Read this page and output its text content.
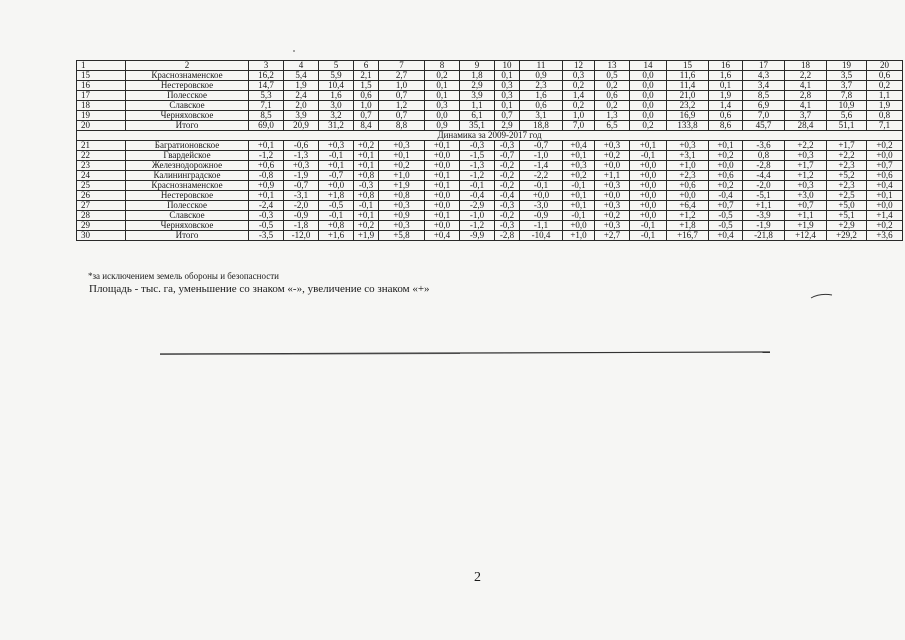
1	2	3	4	5	6	7	8	9	10	11	12	13	14	15	16	17	18	19	20
15	Краснознаменское	16,2	5,4	5,9	2,1	2,7	0,2	1,8	0,1	0,9	0,3	0,5	0,0	11,6	1,6	4,3	2,2	3,5	0,6
16	Нестеровское	14,7	1,9	10,4	1,5	1,0	0,1	2,9	0,3	2,3	0,2	0,2	0,0	11,4	0,1	3,4	4,1	3,7	0,2
17	Полесское	5,3	2,4	1,6	0,6	0,7	0,1	3,9	0,3	1,6	1,4	0,6	0,0	21,0	1,9	8,5	2,8	7,8	1,1
18	Славское	7,1	2,0	3,0	1,0	1,2	0,3	1,1	0,1	0,6	0,2	0,2	0,0	23,2	1,4	6,9	4,1	10,9	1,9
19	Черняховское	8,5	3,9	3,2	0,7	0,7	0,0	6,1	0,7	3,1	1,0	1,3	0,0	16,9	0,6	7,0	3,7	5,6	0,8
20	Итого	69,0	20,9	31,2	8,4	8,8	0,9	35,1	2,9	18,8	7,0	6,5	0,2	133,8	8,6	45,7	28,4	51,1	7,1
Динамика за 2009-2017 год																			
21	Багратионовское	+0,1	-0,6	+0,3	+0,2	+0,3	+0,1	-0,3	-0,3	-0,7	+0,4	+0,3	+0,1	+0,3	+0,1	-3,6	+2,2	+1,7	+0,2
22	Гвардейское	-1,2	-1,3	-0,1	+0,1	+0,1	+0,0	-1,5	-0,7	-1,0	+0,1	+0,2	-0,1	+3,1	+0,2	0,8	+0,3	+2,2	+0,0
23	Железнодорожное	+0,6	+0,3	+0,1	+0,1	+0,2	+0,0	-1,3	-0,2	-1,4	+0,3	+0,0	+0,0	+1,0	+0,0	-2,8	+1,7	+2,3	+0,7
24	Калининградское	-0,8	-1,9	-0,7	+0,8	+1,0	+0,1	-1,2	-0,2	-2,2	+0,2	+1,1	+0,0	+2,3	+0,6	-4,4	+1,2	+5,2	+0,6
25	Краснознаменское	+0,9	-0,7	+0,0	-0,3	+1,9	+0,1	-0,1	-0,2	-0,1	-0,1	+0,3	+0,0	+0,6	+0,2	-2,0	+0,3	+2,3	+0,4
26	Нестеровское	+0,1	-3,1	+1,8	+0,8	+0,8	+0,0	-0,4	-0,4	+0,0	+0,1	+0,0	+0,0	+0,0	-0,4	-5,1	+3,0	+2,5	+0,1
27	Полесское	-2,4	-2,0	-0,5	-0,1	+0,3	+0,0	-2,9	-0,3	-3,0	+0,1	+0,3	+0,0	+6,4	+0,7	+1,1	+0,7	+5,0	+0,0
28	Славское	-0,3	-0,9	-0,1	+0,1	+0,9	+0,1	-1,0	-0,2	-0,9	-0,1	+0,2	+0,0	+1,2	-0,5	-3,9	+1,1	+5,1	+1,4
29	Черняховское	-0,5	-1,8	+0,8	+0,2	+0,3	+0,0	-1,2	-0,3	-1,1	+0,0	+0,3	-0,1	+1,8	-0,5	-1,9	+1,9	+2,9	+0,2
30	Итого	-3,5	-12,0	+1,6	+1,9	+5,8	+0,4	-9,9	-2,8	-10,4	+1,0	+2,7	-0,1	+16,7	+0,4	-21,8	+12,4	+29,2	+3,6
*за исключением земель обороны и безопасности
Площадь - тыс. га, уменьшение со знаком «-», увеличение со знаком «+»
2
